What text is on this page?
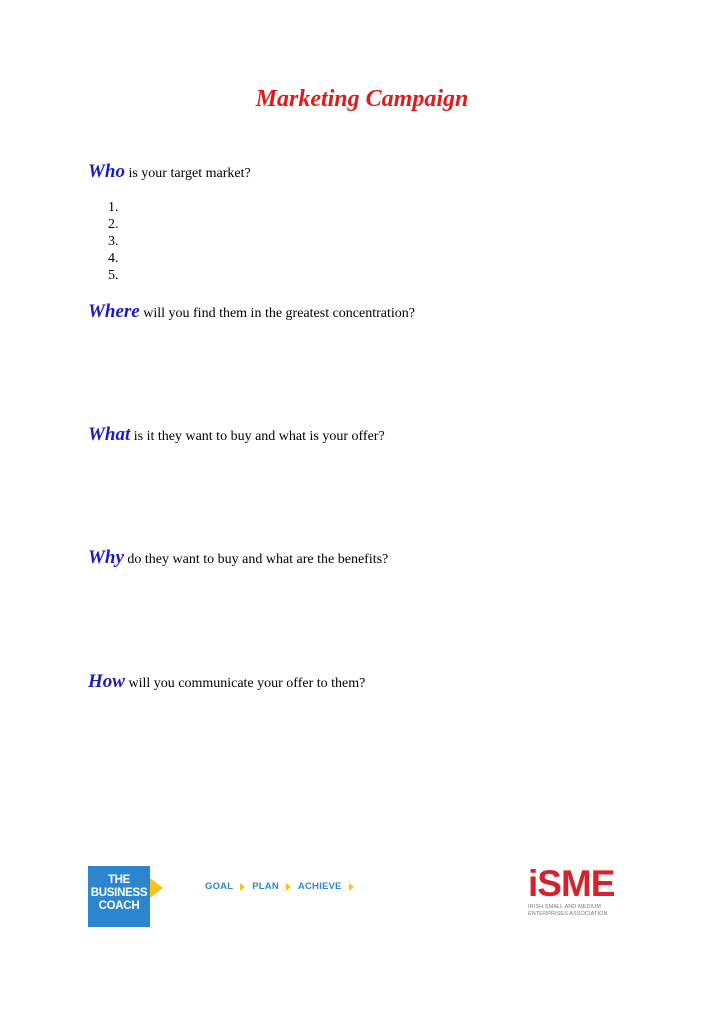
Marketing Campaign

Who is your target market?

1.
2.
3.
4.
5.

Where will you find them in the greatest concentration?

What is it they want to buy and what is your offer?

Why do they want to buy and what are the benefits?

How will you communicate your offer to them?

THE
BUSINESS
COACH
GOAL PLAN ACHIEVE	iSME
IRISH SMALL AND MEDIUM
ENTERPRISES ASSOCIATION
